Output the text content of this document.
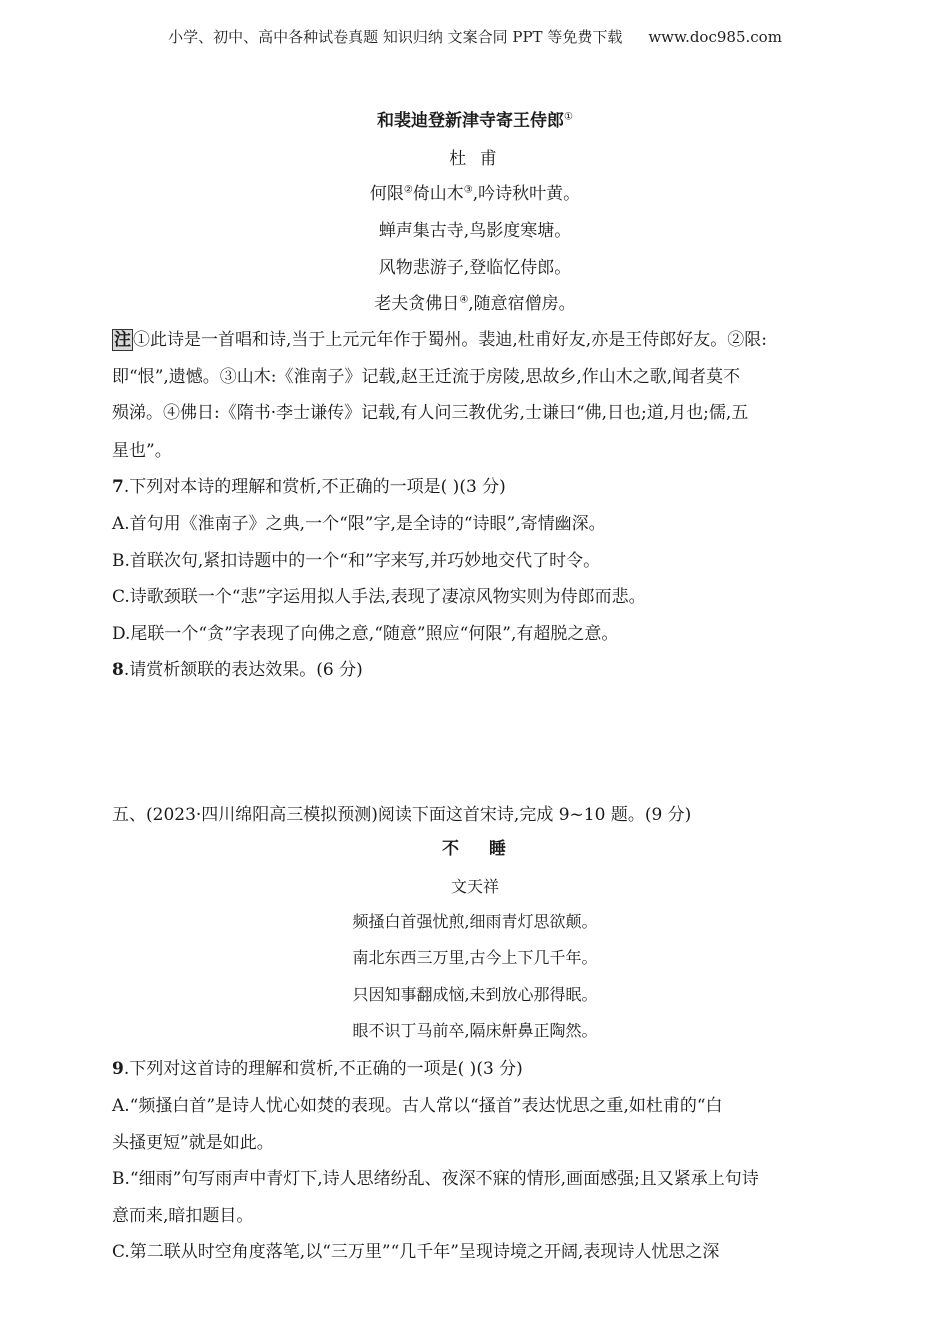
小学、初中、高中各种试卷真题 知识归纳 文案合同 PPT 等免费下载 www.doc985.com
和裴迪登新津寺寄王侍郎①
杜 甫
何限②倚山木③,吟诗秋叶黄。
蝉声集古寺,鸟影度寒塘。
风物悲游子,登临忆侍郎。
老夫贪佛日④,随意宿僧房。
注 ①此诗是一首唱和诗,当于上元元年作于蜀州。裴迪,杜甫好友,亦是王侍郎好友。②限:
即“恨”,遗憾。③山木:《淮南子》记载,赵王迁流于房陵,思故乡,作山木之歌,闻者莫不
殒涕。④佛日:《隋书·李士谦传》记载,有人问三教优劣,士谦曰“佛,日也;道,月也;儒,五
星也”。
7.下列对本诗的理解和赏析,不正确的一项是( )(3 分)
A.首句用《淮南子》之典,一个“限”字,是全诗的“诗眼”,寄情幽深。
B.首联次句,紧扣诗题中的一个“和”字来写,并巧妙地交代了时令。
C.诗歌颈联一个“悲”字运用拟人手法,表现了凄凉风物实则为侍郎而悲。
D.尾联一个“贪”字表现了向佛之意,“随意”照应“何限”,有超脱之意。
8.请赏析颔联的表达效果。(6 分)
五、(2023·四川绵阳高三模拟预测)阅读下面这首宋诗,完成 9~10 题。(9 分)
不 睡
文天祥
频搔白首强忧煎,细雨青灯思欲颠。
南北东西三万里,古今上下几千年。
只因知事翻成恼,未到放心那得眠。
眼不识丁马前卒,隔床鼾鼻正陶然。
9.下列对这首诗的理解和赏析,不正确的一项是( )(3 分)
A.“频搔白首”是诗人忧心如焚的表现。古人常以“搔首”表达忧思之重,如杜甫的“白
头搔更短”就是如此。
B.“细雨”句写雨声中青灯下,诗人思绪纷乱、夜深不寐的情形,画面感强;且又紧承上句诗
意而来,暗扣题目。
C.第二联从时空角度落笔,以“三万里”“几千年”呈现诗境之开阔,表现诗人忧思之深
